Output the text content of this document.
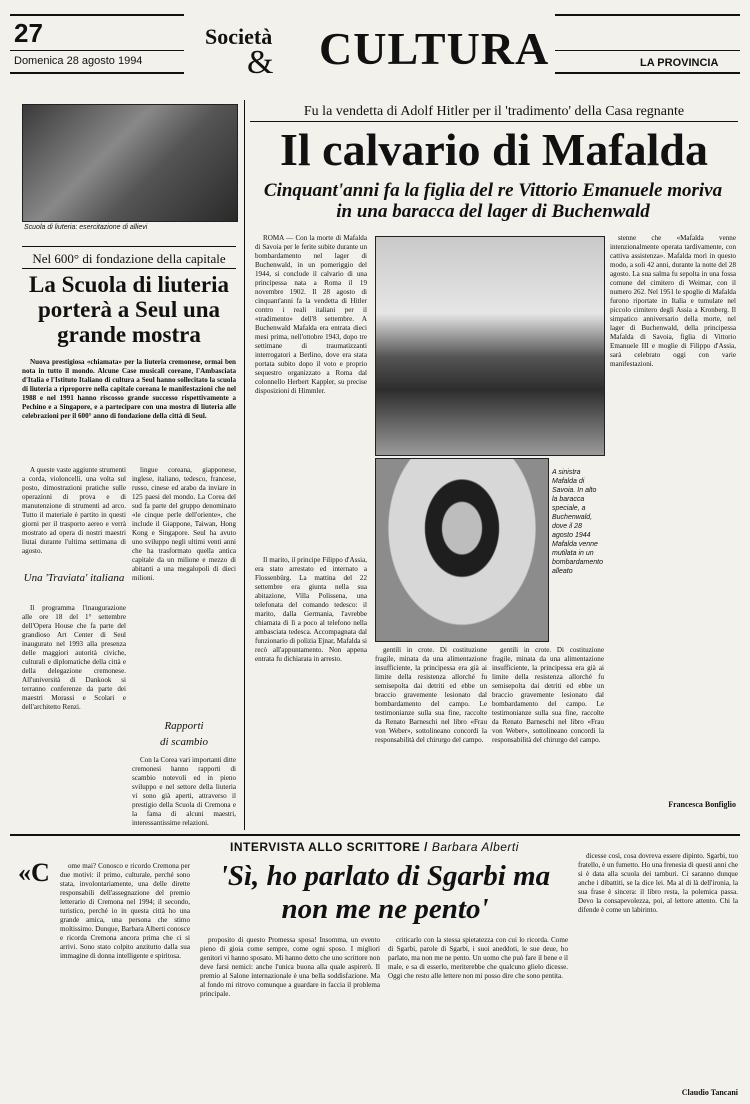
27
Domenica 28 agosto 1994
Società
& CULTURA	LA PROVINCIA
Scuola di liuteria: esercitazione di allievi
Nel 600° di fondazione della capitale
La Scuola di liuteria porterà a Seul una grande mostra

Nuova prestigiosa «chiamata» per la liuteria cremonese, ormai ben nota in tutto il mondo. Alcune Case musicali coreane, l'Ambasciata d'Italia e l'Istituto Italiano di cultura a Seul hanno sollecitato la scuola di liuteria a riproporre nella capitale coreana le manifestazioni che nel 1988 e nel 1991 hanno riscosso grande successo rispettivamente a Pechino e a Singapore, e a partecipare con una mostra di liuteria alle celebrazioni per il 600° anno di fondazione della città di Seul.

A queste vaste aggiunte strumenti a corda, violoncelli, una volta sul posto, dimostrazioni pratiche sulle operazioni di prova e di manutenzione di strumenti ad arco. Tutto il materiale è partito in questi giorni per il trasporto aereo e verrà mostrato ad opera di nostri maestri liutai durante l'ultima settimana di agosto.

Una 'Traviata' italiana

Il programma l'inaugurazione alle ore 18 del 1° settembre dell'Opera House che fa parte del grandioso Art Center di Seul inaugurato nel 1993 alla presenza delle maggiori autorità civiche, culturali e diplomatiche della città e della delegazione cremonese. All'università di Dankook si terranno conferenze da parte dei maestri Morassi e Scolari e dell'architetto Renzi.

lingue coreana, giapponese, inglese, italiano, tedesco, francese, russo, cinese ed arabo da inviare in 125 paesi del mondo. La Corea del sud fa parte del gruppo denominato «le cinque perle dell'oriente», che include il Giappone, Taiwan, Hong Kong e Singapore. Seul ha avuto uno sviluppo negli ultimi venti anni che ha trasformato quella antica capitale da un milione e mezzo di abitanti a una megalopoli di dieci milioni.

Rapporti
di scambio

Con la Corea vari importanti ditte cremonesi hanno rapporti di scambio notevoli ed in pieno sviluppo e nel settore della liuteria vi sono già aperti, attraverso il prestigio della Scuola di Cremona e la fama di alcuni maestri, interessantissime relazioni.

Fu la vendetta di Adolf Hitler per il 'tradimento' della Casa regnante
Il calvario di Mafalda
Cinquant'anni fa la figlia del re Vittorio Emanuele moriva in una baracca del lager di Buchenwald

ROMA — Con la morte di Mafalda di Savoia per le ferite subite durante un bombardamento nel lager di Buchenwald, in un pomeriggio del 1944, si conclude il calvario di una principessa nata a Roma il 19 novembre 1902. Il 28 agosto di cinquant'anni fa la vendetta di Hitler contro i reali italiani per il «tradimento» dell'8 settembre. A Buchenwald Mafalda era entrata dieci mesi prima, nell'ottobre 1943, dopo tre settimane di traumatizzanti interrogatori a Berlino, dove era stata portata subito dopo il voto e proprio sequestro organizzato a Roma dal colonnello Herbert Kappler, su precise disposizioni di Himmler.

Il marito, il principe Filippo d'Assia, era stato arrestato ed internato a Flossenbürg. La mattina del 22 settembre era giunta nella sua abitazione, Villa Polissena, una telefonata del comando tedesco: il marito, dalla Germania, l'avrebbe chiamata di lì a poco al telefono nella ambasciata tedesca. Accompagnata dal funzionario di polizia Ejnar, Mafalda si recò all'appuntamento. Non appena entrata fu dichiarata in arresto.

A sinistra Mafalda di Savoia. In alto la baracca speciale, a Buchenwald, dove il 28 agosto 1944 Mafalda venne mutilata in un bombardamento alleato

gentili in crote. Di costituzione fragile, minata da una alimentazione insufficiente, la principessa era già ai limite della resistenza allorché fu semisepolta dai detriti ed ebbe un braccio gravemente lesionato dal bombardamento del campo. Le testimonianze sulla sua fine, raccolte da Renato Barneschi nel libro «Frau von Weber», sottolineano concordi la responsabilità del chirurgo del campo.

gentili in crote. Di costituzione fragile, minata da una alimentazione insufficiente, la principessa era già ai limite della resistenza allorché fu semisepolta dai detriti ed ebbe un braccio gravemente lesionato dal bombardamento del campo. Le testimonianze sulla sua fine, raccolte da Renato Barneschi nel libro «Frau von Weber», sottolineano concordi la responsabilità del chirurgo del campo.

stenne che «Mafalda venne intenzionalmente operata tardivamente, con cattiva assistenza». Mafalda morì in questo modo, a soli 42 anni, durante la notte del 28 agosto. La sua salma fu sepolta in una fossa comune del cimitero di Weimar, con il numero 262. Nel 1951 le spoglie di Mafalda furono riportate in Italia e tumulate nel piccolo cimitero degli Assia a Kronberg. Il simpatico anniversario della morte, nel lager di Buchenwald, della principessa Mafalda di Savoia, figlia di Vittorio Emanuele III e moglie di Filippo d'Assia, sarà celebrato oggi con varie manifestazioni.

Francesca Bonfiglio
INTERVISTA ALLO SCRITTORE / Barbara Alberti
'Sì, ho parlato di Sgarbi ma non me ne pento'
«C	ome mai? Conosco e ricordo Cremona per due motivi: il primo, culturale, perché sono stata, involontariamente, una delle dirette responsabili dell'assegnazione del premio letterario di Cremona nel 1994; il secondo, turistico, perché io in questa città ho una grande amica, una persona che stimo moltissimo. Dunque, Barbara Alberti conosce e ricorda Cremona ancora prima che ci si arrivi. Sono stato colpito anzitutto dalla sua immagine di donna intelligente e spiritosa.

proposito di questo Promessa sposa! Insomma, un evento pieno di gioia come sempre, come ogni sposo. I migliori genitori vi hanno sposato. Mi hanno detto che uno scrittore non deve farsi nemici: anche l'unica buona alla quale aspirerò. Il premio al Salone internazionale è una bella soddisfazione. Ma al fondo mi ritrovo comunque a guardare in faccia il problema principale.

criticarlo con la stessa spietatezza con cui lo ricorda. Come di Sgarbi, parole di Sgarbi, i suoi aneddoti, le sue deue, ho parlato, ma non me ne pento. Un uomo che può fare il bene e il male, e sa di esserlo, meriterebbe che qualcuno glielo dicesse. Oggi che resto alle lettere non mi posso dire che sono pentita.

dicesse così, cosa dovreva essere dipinto. Sgarbi, tuo fratello, è un fumetto. Ho una frenesia di questi anni che si è data alla scuola dei tamburi. Ci saranno dunque anche i dibattiti, se la dice lei. Ma al di là dell'ironia, la sua frase è sincera: il libro resta, la polemica passa. Devo la consapevolezza, poi, al lettore attento. Chi la difende è come un labirinto.

Claudio Tancani
